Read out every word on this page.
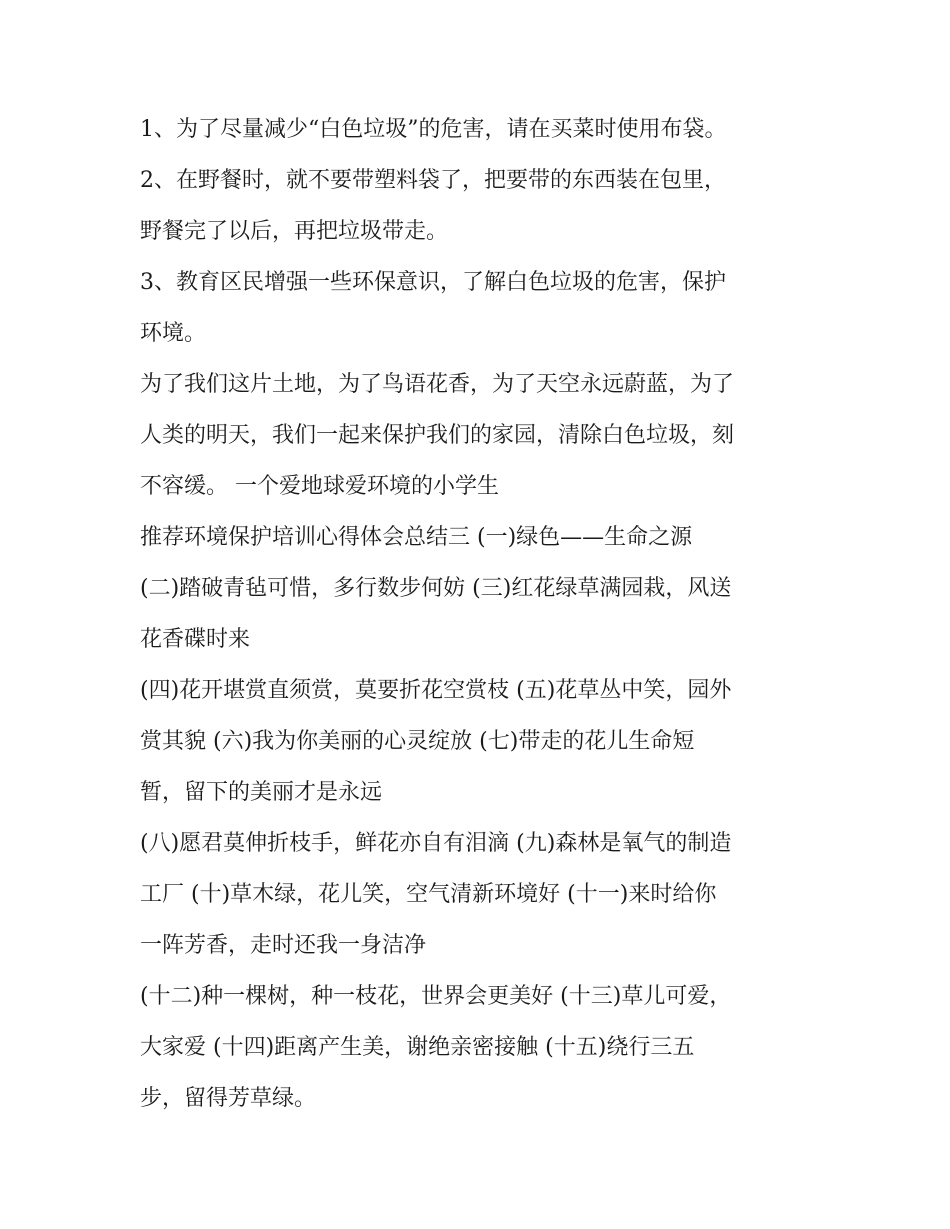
1、为了尽量减少“白色垃圾”的危害，请在买菜时使用布袋。
2、在野餐时，就不要带塑料袋了，把要带的东西装在包里，
野餐完了以后，再把垃圾带走。
3、教育区民增强一些环保意识，了解白色垃圾的危害，保护
环境。
为了我们这片土地，为了鸟语花香，为了天空永远蔚蓝，为了
人类的明天，我们一起来保护我们的家园，清除白色垃圾，刻
不容缓。 一个爱地球爱环境的小学生
推荐环境保护培训心得体会总结三 (一)绿色——生命之源
(二)踏破青毡可惜，多行数步何妨 (三)红花绿草满园栽，风送
花香碟时来
(四)花开堪赏直须赏，莫要折花空赏枝 (五)花草丛中笑，园外
赏其貌 (六)我为你美丽的心灵绽放 (七)带走的花儿生命短
暂，留下的美丽才是永远
(八)愿君莫伸折枝手，鲜花亦自有泪滴 (九)森林是氧气的制造
工厂 (十)草木绿，花儿笑，空气清新环境好 (十一)来时给你
一阵芳香，走时还我一身洁净
(十二)种一棵树，种一枝花，世界会更美好 (十三)草儿可爱，
大家爱 (十四)距离产生美，谢绝亲密接触 (十五)绕行三五
步，留得芳草绿。
